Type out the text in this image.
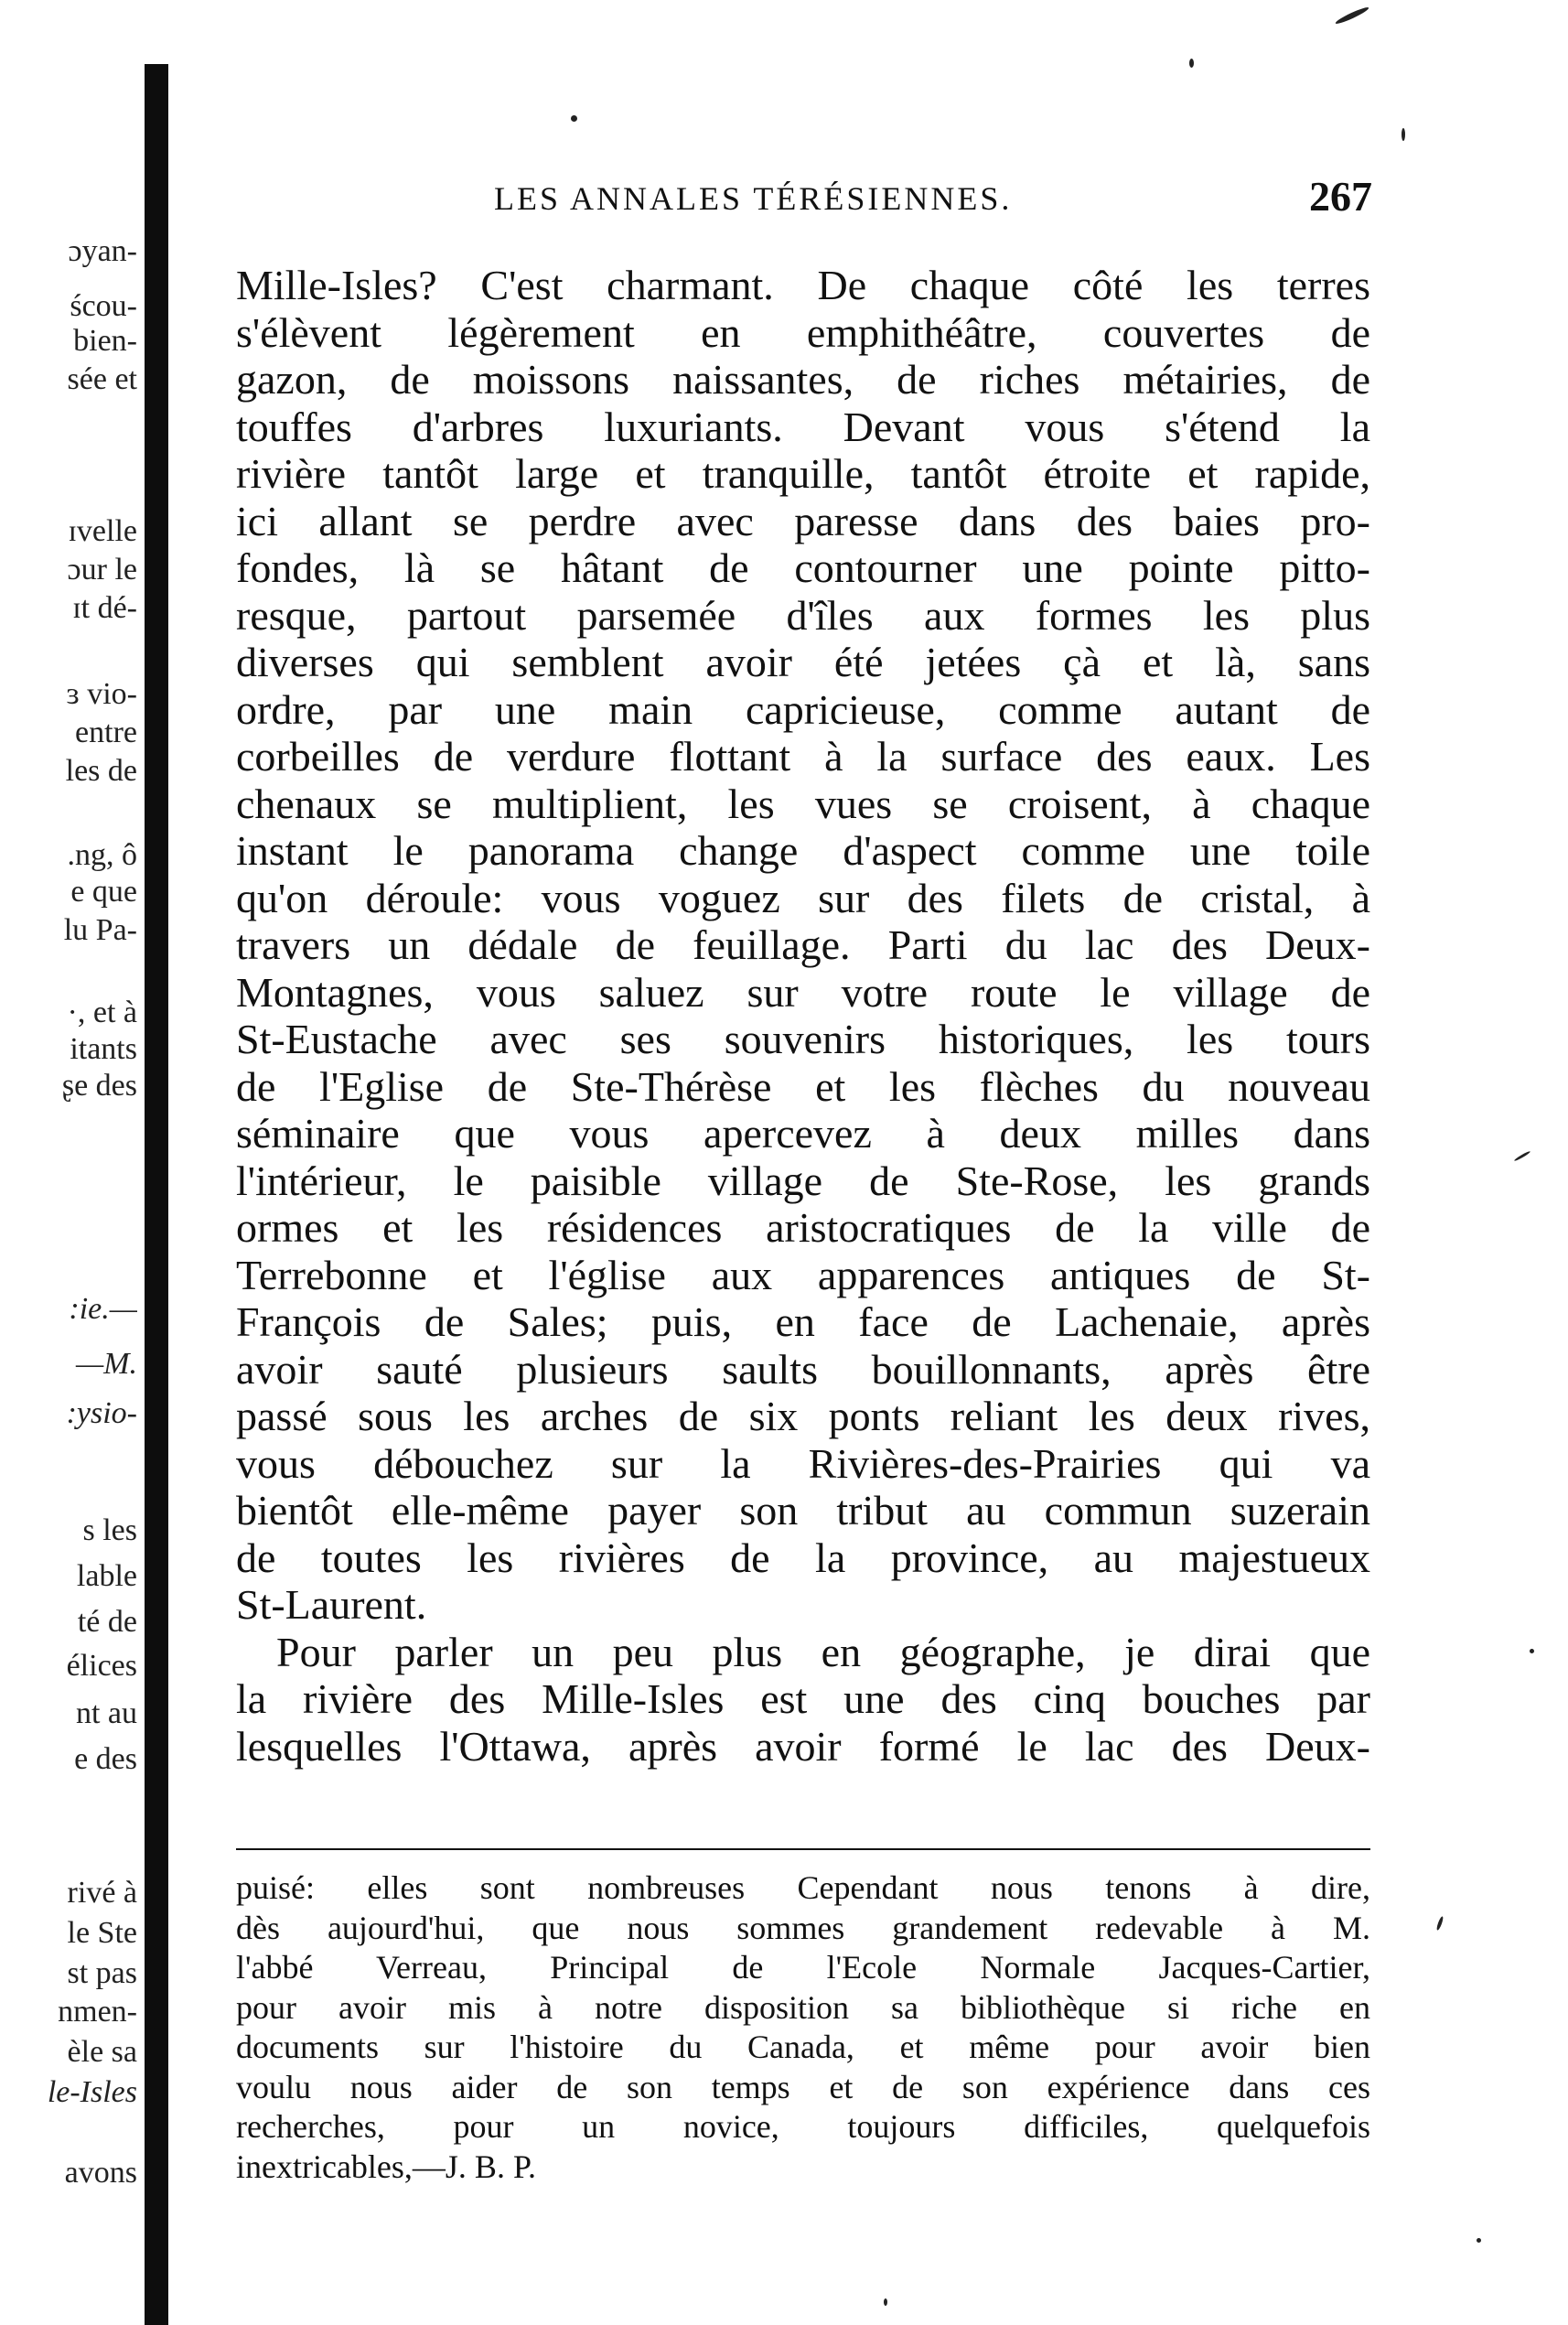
ɔyan-
ścou-
bien-
sée et
ɪvelle
ɔur le
ɪt dé-
ɜ vio-
entre
les de
.ng, ô
e que
lu Pa-
·, et à
itants
ʂe des
:ie.—
—M.
:ysio-
s les
lable
té de
élices
nt au
e des
rivé à
le Ste
st pas
nmen-
èle sa
le-Isles
avons
LES ANNALES TÉRÉSIENNES.	267
Mille-Isles? C'est charmant. De chaque côté les terres
s'élèvent légèrement en emphithéâtre, couvertes de
gazon, de moissons naissantes, de riches métairies, de
touffes d'arbres luxuriants. Devant vous s'étend la
rivière tantôt large et tranquille, tantôt étroite et rapide,
ici allant se perdre avec paresse dans des baies pro-
fondes, là se hâtant de contourner une pointe pitto-
resque, partout parsemée d'îles aux formes les plus
diverses qui semblent avoir été jetées çà et là, sans
ordre, par une main capricieuse, comme autant de
corbeilles de verdure flottant à la surface des eaux. Les
chenaux se multiplient, les vues se croisent, à chaque
instant le panorama change d'aspect comme une toile
qu'on déroule: vous voguez sur des filets de cristal, à
travers un dédale de feuillage. Parti du lac des Deux-
Montagnes, vous saluez sur votre route le village de
St-Eustache avec ses souvenirs historiques, les tours
de l'Eglise de Ste-Thérèse et les flèches du nouveau
séminaire que vous apercevez à deux milles dans
l'intérieur, le paisible village de Ste-Rose, les grands
ormes et les résidences aristocratiques de la ville de
Terrebonne et l'église aux apparences antiques de St-
François de Sales; puis, en face de Lachenaie, après
avoir sauté plusieurs saults bouillonnants, après être
passé sous les arches de six ponts reliant les deux rives,
vous débouchez sur la Rivières-des-Prairies qui va
bientôt elle-même payer son tribut au commun suzerain
de toutes les rivières de la province, au majestueux
St-Laurent.
Pour parler un peu plus en géographe, je dirai que
la rivière des Mille-Isles est une des cinq bouches par
lesquelles l'Ottawa, après avoir formé le lac des Deux-
puisé: elles sont nombreuses Cependant nous tenons à dire,
dès aujourd'hui, que nous sommes grandement redevable à M.
l'abbé Verreau, Principal de l'Ecole Normale Jacques-Cartier,
pour avoir mis à notre disposition sa bibliothèque si riche en
documents sur l'histoire du Canada, et même pour avoir bien
voulu nous aider de son temps et de son expérience dans ces
recherches, pour un novice, toujours difficiles, quelquefois
inextricables,—J. B. P.
